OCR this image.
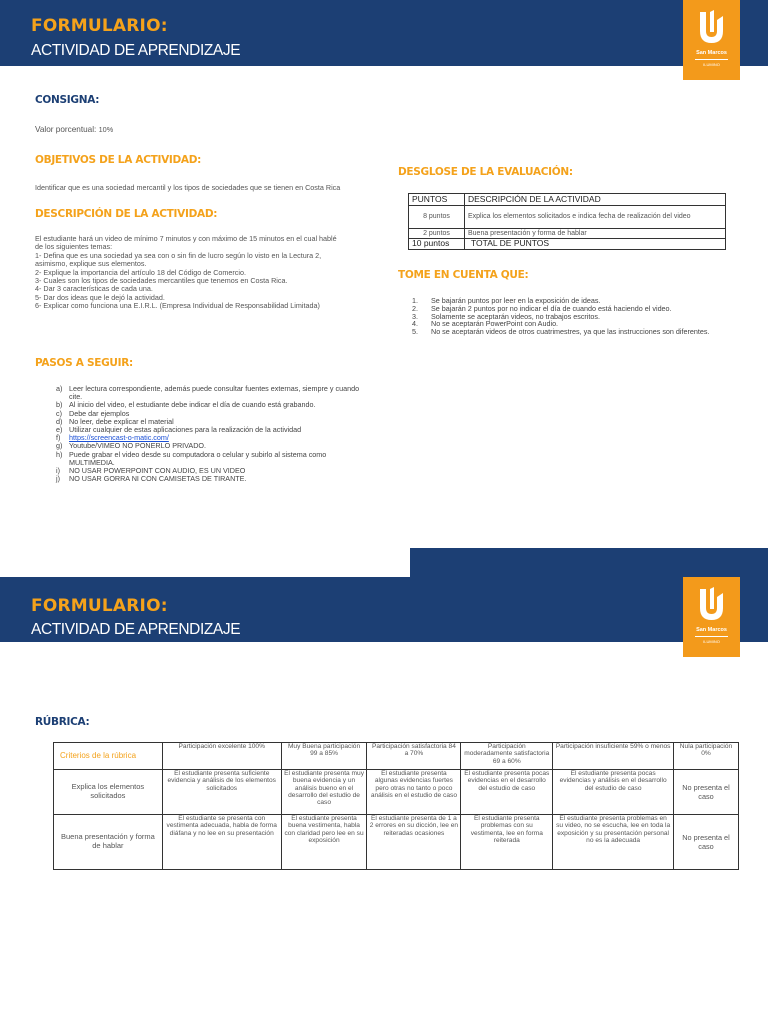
FORMULARIO:
ACTIVIDAD DE APRENDIZAJE	San Marcos
ILUMINO
CONSIGNA:
Valor porcentual: 10%
OBJETIVOS DE LA ACTIVIDAD:
Identificar que es una sociedad mercantil y los tipos de sociedades que se tienen en Costa Rica
DESCRIPCIÓN DE LA ACTIVIDAD:
El estudiante hará un video de mínimo 7 minutos y con máximo de 15 minutos en el cual hablé
de los siguientes temas:
1- Defina que es una sociedad ya sea con o sin fin de lucro según lo visto en la Lectura 2,
asimismo, explique sus elementos.
2- Explique la importancia del artículo 18 del Código de Comercio.
3- Cuales son los tipos de sociedades mercantiles que tenemos en Costa Rica.
4- Dar 3 características de cada una.
5- Dar dos ideas que le dejó la actividad.
6- Explicar como funciona una E.I.R.L. (Empresa Individual de Responsabilidad Limitada)
PASOS A SEGUIR:
a) Leer lectura correspondiente, además puede consultar fuentes externas, siempre y cuando cite.
b) Al inicio del video, el estudiante debe indicar el día de cuando está grabando.
c) Debe dar ejemplos
d) No leer, debe explicar el material
e) Utilizar cualquier de estas aplicaciones para la realización de la actividad
f)	https://screencast-o-matic.com/
g) Youtube/VIMEO NO PONERLO PRIVADO.
h) Puede grabar el video desde su computadora o celular y subirlo al sistema como MULTIMEDIA.
i)	NO USAR POWERPOINT CON AUDIO, ES UN VIDEO
j)	NO USAR GORRA NI CON CAMISETAS DE TIRANTE.
DESGLOSE DE LA EVALUACIÓN:
PUNTOS	DESCRIPCIÓN DE LA ACTIVIDAD
8 puntos	Explica los elementos solicitados e indica fecha de realización del video
2 puntos	Buena presentación y forma de hablar
10 puntos	TOTAL DE PUNTOS
TOME EN CUENTA QUE:
1.	Se bajarán puntos por leer en la exposición de ideas.
2.	Se bajarán 2 puntos por no indicar el día de cuando está haciendo el video.
3.	Solamente se aceptarán videos, no trabajos escritos.
4.	No se aceptarán PowerPoint con Audio.
5.	No se aceptarán videos de otros cuatrimestres, ya que las instrucciones son diferentes.
FORMULARIO:
ACTIVIDAD DE APRENDIZAJE	San Marcos
ILUMINO
RÚBRICA:
Criterios de la rúbrica	Participación excelente 100%	Muy Buena participación 99 a 85%	Participación satisfactoria 84 a 70%	Participación moderadamente satisfactoria 69 a 60%	Participación insuficiente 59% o menos	Nula participación 0%
Explica los elementos solicitados	El estudiante presenta suficiente evidencia y análisis de los elementos solicitados	El estudiante presenta muy buena evidencia y un análisis bueno en el desarrollo del estudio de caso	El estudiante presenta algunas evidencias fuertes pero otras no tanto o poco análisis en el estudio de caso	El estudiante presenta pocas evidencias en el desarrollo del estudio de caso	El estudiante presenta pocas evidencias y análisis en el desarrollo del estudio de caso	No presenta el caso
Buena presentación y forma de hablar	El estudiante se presenta con vestimenta adecuada, habla de forma diáfana y no lee en su presentación	El estudiante presenta buena vestimenta, habla con claridad pero lee en su exposición	El estudiante presenta de 1 a 2 errores en su dicción, lee en reiteradas ocasiones	El estudiante presenta problemas con su vestimenta, lee en forma reiterada	El estudiante presenta problemas en su video, no se escucha, lee en toda la exposición y su presentación personal no es la adecuada	No presenta el caso
